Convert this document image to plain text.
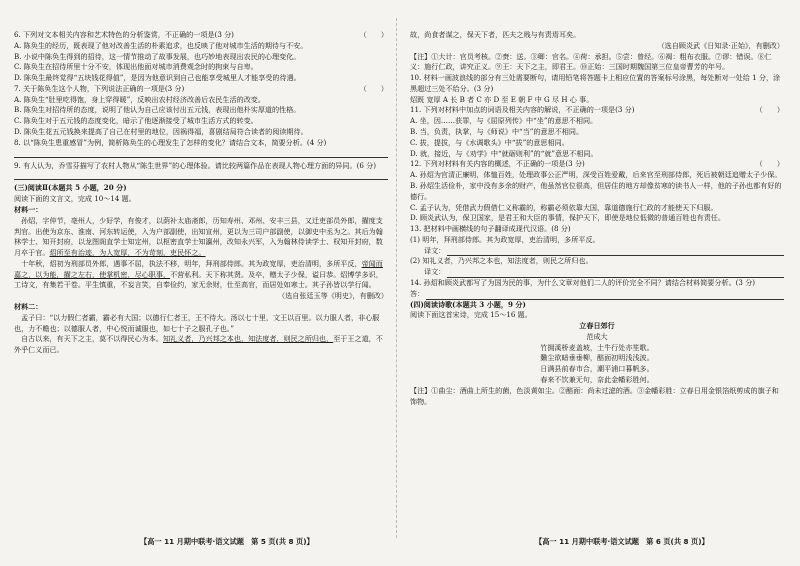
6. 下列对文本相关内容和艺术特色的分析鉴赏，不正确的一项是(3 分)	（　　）

A. 陈奂生的经历，既表现了他对改善生活的朴素追求，也反映了他对城市生活的期待与不安。

B. 小说中陈奂生得到的招待，这一情节推动了故事发展，也巧妙地表现出农民的心理变化。

C. 陈奂生在招待所里十分不安，体现出他面对城市消费观念时的拘束与自卑。

D. 陈奂生最终觉得“五块钱花得值”，是因为他意识到自己也能享受城里人才能享受的待遇。

7. 关于陈奂生这个人物，下列说法正确的一项是(3 分)	（　　）

A. 陈奂生“肚里吃得饱，身上穿得暖”，反映出农村经济改善后农民生活的改变。

B. 陈奂生对招待所的态度，说明了他认为自己应该付出五元钱，表现出他朴实厚道的性格。

C. 陈奂生对于五元钱的态度变化，暗示了他逐渐接受了城市生活方式的转变。

D. 陈奂生花五元钱换来提高了自己在村里的地位，因祸得福，喜剧结局符合读者的阅读期待。

8. 以“陈奂生患重感冒”为例，简析陈奂生的心理发生了怎样的变化？请结合文本，简要分析。(4 分)

9. 有人认为，乔雪芬描写了农村人物从“陈生世界”的心理体验。请比较两篇作品在表现人物心理方面的异同。(6 分)

(三)阅读Ⅱ(本题共 5 小题，20 分)

阅读下面的文言文，完成 10～14 题。

材料一：

 孙炤，字仲节，亳州人，少好学，有俊才，以荫补太庙斋郎，历知寿州、邓州、安丰三县，又迁吏部员外郎，擢度支判官。出使为京东、淮南、河东转运使，入为户部副使，出知宣州，更以为三司户部副使，以御史中丞为之。其后为翰林学士、知开封府，以龙图阁直学士知定州，以枢密直学士知瀛州，改知永兴军，入为翰林侍读学士、权知开封府，数月卒于官。炤所至有治迹，为人宽厚，不为苛刻，吏民怀之。

 十年秋，炤初为刑部员外郎，遇事不屈，执法不移，明年，拜刑部侍郎。其为政宽厚，吏治清明，多所平反，帝闻而嘉之，以为能，擢之左右，使掌机密，尽心职事，不营私利。天下称其贤。及卒，赠太子少保，谥曰恭。炤博学多识，工诗文，有集若干卷。平生慎重，不妄言笑，自奉俭约，家无余财，仕至高官，而居处如寒士。其子孙皆以学行闻。

（选自张廷玉等《明史》，有删改）

材料二：

 孟子曰：“以力假仁者霸，霸必有大国；以德行仁者王，王不待大。汤以七十里，文王以百里。以力服人者，非心服也，力不赡也；以德服人者，中心悦而诚服也，如七十子之服孔子也。”

 自古以来，有天下之主，莫不以得民心为本。知礼义者，乃兴邦之本也，知法度者，则民之所归也，至于王之道，不外乎仁义而已。

【高一 11 月期中联考·语文试题　第 5 页(共 8 页)】

故，尚食者谋之，保天下者，匹夫之贱与有责焉耳矣。

（选自顾炎武《日知录·正始》，有删改）

【注】①大计：官员考核。②赍：送。③卿：官名。④荷：承担。⑤尝：曾经。⑥褐：粗布衣服。⑦谬：错误。⑧仁义：施行仁政，讲究正义。⑨王：天下之主，即君王。⑩正始：三国时期魏国第三位皇帝曹芳的年号。

10. 材料一画波浪线的部分有三处需要断句，请用铅笔将答题卡上相应位置的答案标号涂黑，每处断对一处给 1 分，涂黑超过三处不给分。(3 分)

炤既 宽厚 A 长 B 者 C 亦 D 至 E 朝 F 中 G 尽 H 心 事。

11. 下列对材料中加点的词语及相关内容的解说，不正确的一项是(3 分)	（　　）

A. 坐，因……获罪，与《屈原列传》中“坐”的意思不相同。

B. 当，负责，执掌，与《师说》中“当”的意思不相同。

C. 拔，提拔，与《水调歌头》中“拔”的意思相同。

D. 就，接近，与《劝学》中“就砺则利”的“就”意思不相同。

12. 下列对材料有关内容的概述，不正确的一项是(3 分)	（　　）

A. 孙炤为官清正廉明，体恤百姓，处理政事公正严明，深受百姓爱戴，后来官至刑部侍郎，死后被朝廷追赠太子少保。

B. 孙炤生活俭朴，家中没有多余的财产，他虽然官位很高，但居住的地方却像贫寒的读书人一样，他的子孙也都有好的德行。

C. 孟子认为，凭借武力假借仁义称霸的，称霸必须依靠大国，靠道德施行仁政的才能使天下归服。

D. 顾炎武认为，保卫国家，是君王和大臣的事情，保护天下，即使是地位低微的普通百姓也有责任。

13. 把材料中画横线的句子翻译成现代汉语。(8 分)

(1) 明年，拜刑部侍郎。其为政宽厚，吏治清明，多所平反。

译文：

(2) 知礼义者，乃兴邦之本也，知法度者，则民之所归也。

译文：

14. 孙炤和顾炎武都写了为国为民的事，为什么文章对他们二人的评价完全不同？请结合材料简要分析。(3 分)

答：

(四)阅读诗歌(本题共 3 小题，9 分)

阅读下面这首宋诗，完成 15～16 题。

立春日郊行

范成大

竹拥溪桥麦盖坡，土牛行处亦笙歌。

麯尘欲暗垂垂柳，醅面初明浅浅波。

日满县前春市合，潮平浦口暮帆多。

春来不饮兼无句，奈此金幡彩胜何。

【注】①曲尘：酒曲上所生的菌，色淡黄如尘。②醅面：尚未过滤的酒。③金幡彩胜：立春日用金银箔纸剪成的旗子和饰物。

【高一 11 月期中联考·语文试题　第 6 页(共 8 页)】
